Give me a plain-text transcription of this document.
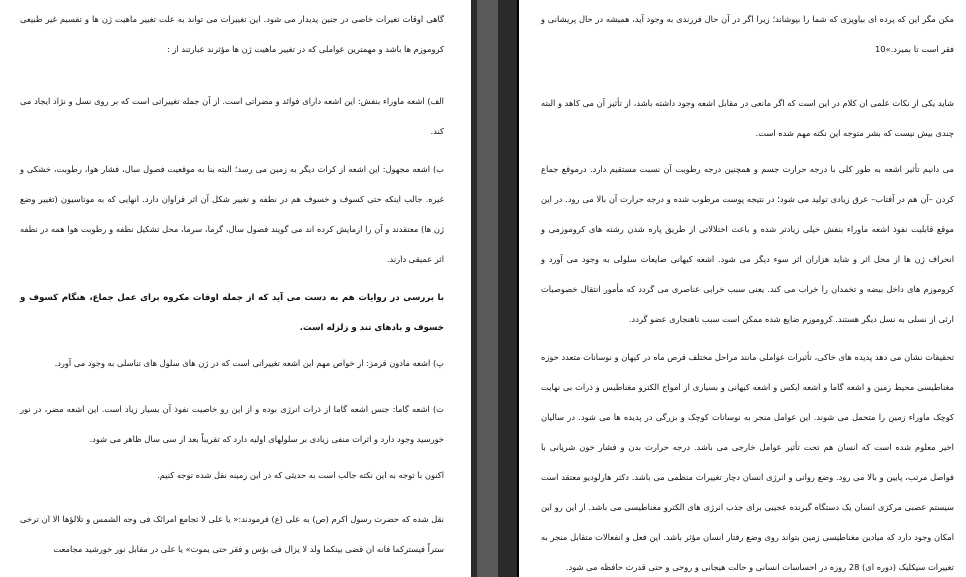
گاهی اوقات تغیرات خاصی در جنین پدیدار می شود. این تغییرات می تواند به علت تغییر ماهیت ژن ها و تقسیم غیر طبیعی کروموزم ها باشد و مهمترین عواملی که در تغییر ماهیت ژن ها مؤثرند عبارتند از :

الف) اشعه ماوراء بنفش: این اشعه دارای فوائد و مضراتی است. از آن جمله تغییراتی است که بر روی نسل و نژاد ایجاد می کند.

ب) اشعه مجهول: این اشعه از کرات دیگر به زمین می رسد؛ البته بنا به موقعیت فصول سال، فشار هوا، رطوبت، خشکی و غیره. جالب اینکه حتی کسوف و خسوف هم در نطفه و تغییر شکل آن اثر فراوان دارد. انهایی که به موتاسیون (تغییر وضع ژن ها) معتقدند و آن را ازمایش کرده اند می گویند فصول سال، گرما، سرما، محل تشکیل نطفه و رطوبت هوا همه در نطفه اثر عمیقی دارند.

با بررسی در روایات هم به دست می آید که از جمله اوقات مکروه برای عمل جماع، هنگام کسوف و خسوف و بادهای تند و زلزله است.

پ) اشعه مادون قرمز: از خواص مهم این اشعه تغییراتی است که در ژن های سلول های تناسلی به وجود می آورد.

ت) اشعه گاما: جنس اشعه گاما از ذرات انرژی بوده و از این رو خاصیت نفوذ آن بسیار زیاد است. این اشعه مضر، در نور خورسید وجود دارد و اثرات منفی زیادی بر سلولهای اولیه دارد که تقریباً بعد از سی سال ظاهر می شود.

اکنون با توجه به این نکته جالب است به حدیثی که در این زمینه نقل شده توجه کنیم.

نقل شده که حضرت رسول اکرم (ص) به علی (ع) فرمودند:« یا علی لا تجامع امرائک فی وجه الشمس و تلالؤها الا ان ترخی ستراً فیسترکما فانه ان قضی بینکما ولد لا یزال فی بؤس و فقر حتی یموت» یا علی در مقابل نور خورشید مجامعت

مکن مگر این که پرده ای بیاویزی که شما را بپوشاند؛ زیرا اگر در آن حال فرزندی به وجود آید، همیشه در حال پریشانی و فقر است تا بمیرد.»10

شاید یکی از نکات علمی ان کلام در این است که اگر مانعی در مقابل اشعه وجود داشته باشد، از تأثیر آن می کاهد و البته چندی بیش نیست که بشر متوجه این نکته مهم شده است.

می دانیم تأثیر اشعه به طور کلی با درجه حرارت جسم و همچنین درجه رطوبت آن نسبت مستقیم دارد. درموقع جماع کردن –آن هم در آفتاب– عرق زیادی تولید می شود؛ در نتیجه پوست مرطوب شده و درجه حرارت آن بالا می رود. در این موقع قابلیت نفوذ اشعه ماوراء بنفش خیلی زیادتر شده و باعث اختلالاتی از طریق پاره شدن رشته های کروموزمی و انحراف ژن ها از محل اثر و شاید هزاران اثر سوء دیگر می شود. اشعه کیهانی ضایعات سلولی به وجود می آورد و کروموزم های داخل بیضه و تخمدان را خراب می کند. یعنی سبب خرابی عناصری می گردد که مأمور انتقال خصوصیات ارثی از نسلی به نسل دیگر هستند. کروموزم ضایع شده ممکن است سبب ناهنجاری عضو گردد.

تحقیقات نشان می دهد پدیده های خاکی، تأثیرات عواملی مانند مراحل مختلف قرص ماه در کیهان و نوسانات متعدد حوزه مغناطیسی محیط زمین و اشعه گاما و اشعه ایکس و اشعه کیهانی و بسیاری از امواج الکترو مغناطیس و ذرات بی نهایت کوچک ماوراء زمین را متحمل می شوند. این عوامل منجر به نوسانات کوچک و بزرگی در پدیده ها می شود. در سالیان اخیر معلوم شده است که انسان هم تحت تأثیر عوامل خارجی می باشد. درجه حرارت بدن و فشار خون شریانی با فواصل مرتب، پایین و بالا می رود. وضع روانی و انرژی انسان دچار تغییرات منظمی می باشد. دکتر هارلودیو معتقد است سیستم عصبی مرکزی انسان یک دستگاه گیرنده عجیبی برای جذب انرژی های الکترو مغناطیسی می باشد. از این رو این امکان وجود دارد که میادین مغناطیسی زمین بتواند روی وضع رفتار انسان مؤثر باشد. این فعل و انفعالات متقابل منجر به تغییرات سیکلیک (دوره ای) 28 روزه در احساسات انسانی و حالت هیجانی و روحی و حتی قدرت حافظه می شود.
